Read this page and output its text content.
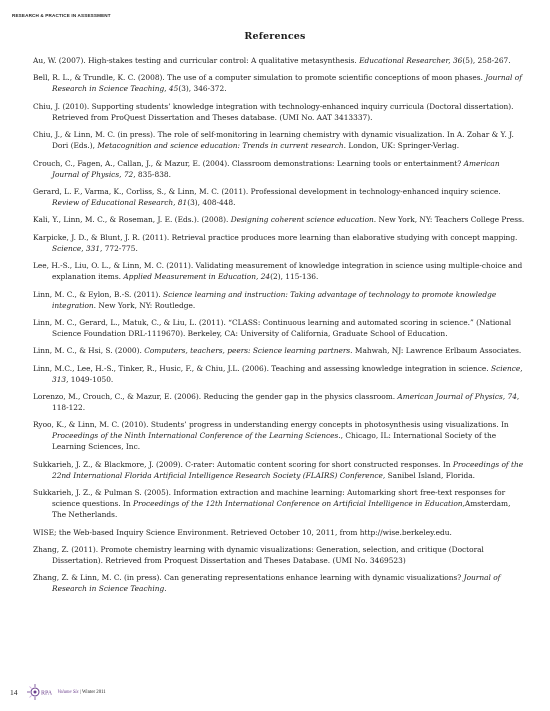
RESEARCH & PRACTICE IN ASSESSMENT
References

Au, W. (2007). High-stakes testing and curricular control: A qualitative metasynthesis. Educational Researcher, 36(5), 258-267.

Bell, R. L., & Trundle, K. C. (2008). The use of a computer simulation to promote scientific conceptions of moon phases. Journal of Research in Science Teaching, 45(3), 346-372.

Chiu, J. (2010). Supporting students’ knowledge integration with technology-enhanced inquiry curricula (Doctoral dissertation). Retrieved from ProQuest Dissertation and Theses database. (UMI No. AAT 3413337).

Chiu, J., & Linn, M. C. (in press). The role of self-monitoring in learning chemistry with dynamic visualization. In A. Zohar & Y. J. Dori (Eds.), Metacognition and science education: Trends in current research. London, UK: Springer-Verlag.

Crouch, C., Fagen, A., Callan, J., & Mazur, E. (2004). Classroom demonstrations: Learning tools or entertainment? American Journal of Physics, 72, 835-838.

Gerard, L. F., Varma, K., Corliss, S., & Linn, M. C. (2011). Professional development in technology-enhanced inquiry science. Review of Educational Research, 81(3), 408-448.

Kali, Y., Linn, M. C., & Roseman, J. E. (Eds.). (2008). Designing coherent science education. New York, NY: Teachers College Press.

Karpicke, J. D., & Blunt, J. R. (2011). Retrieval practice produces more learning than elaborative studying with concept mapping. Science, 331, 772-775.

Lee, H.-S., Liu, O. L., & Linn, M. C. (2011). Validating measurement of knowledge integration in science using multiple-choice and explanation items. Applied Measurement in Education, 24(2), 115-136.

Linn, M. C., & Eylon, B.-S. (2011). Science learning and instruction: Taking advantage of technology to promote knowledge integration. New York, NY: Routledge.

Linn, M. C., Gerard, L., Matuk, C., & Liu, L. (2011). “CLASS: Continuous learning and automated scoring in science.” (National Science Foundation DRL-1119670). Berkeley, CA: University of California, Graduate School of Education.

Linn, M. C., & Hsi, S. (2000). Computers, teachers, peers: Science learning partners. Mahwah, NJ: Lawrence Erlbaum Associates.

Linn, M.C., Lee, H.-S., Tinker, R., Husic, F., & Chiu, J.L. (2006). Teaching and assessing knowledge integration in science. Science, 313, 1049-1050.

Lorenzo, M., Crouch, C., & Mazur, E. (2006). Reducing the gender gap in the physics classroom. American Journal of Physics, 74, 118-122.

Ryoo, K., & Linn, M. C. (2010). Students’ progress in understanding energy concepts in photosynthesis using visualizations. In Proceedings of the Ninth International Conference of the Learning Sciences., Chicago, IL: International Society of the Learning Sciences, Inc.

Sukkarieh, J. Z., & Blackmore, J. (2009). C-rater: Automatic content scoring for short constructed responses. In Proceedings of the 22nd International Florida Artificial Intelligence Research Society (FLAIRS) Conference, Sanibel Island, Florida.

Sukkarieh, J. Z., & Pulman S. (2005). Information extraction and machine learning: Automarking short free-text responses for science questions. In Proceedings of the 12th International Conference on Artificial Intelligence in Education,Amsterdam, The Netherlands.

WISE; the Web-based Inquiry Science Environment. Retrieved October 10, 2011, from http://wise.berkeley.edu.

Zhang, Z. (2011). Promote chemistry learning with dynamic visualizations: Generation, selection, and critique (Doctoral Dissertation). Retrieved from Proquest Dissertation and Theses Database. (UMI No. 3469523)

Zhang, Z. & Linn, M. C. (in press). Can generating representations enhance learning with dynamic visualizations? Journal of Research in Science Teaching.

14	RPA Volume Six | Winter 2011
